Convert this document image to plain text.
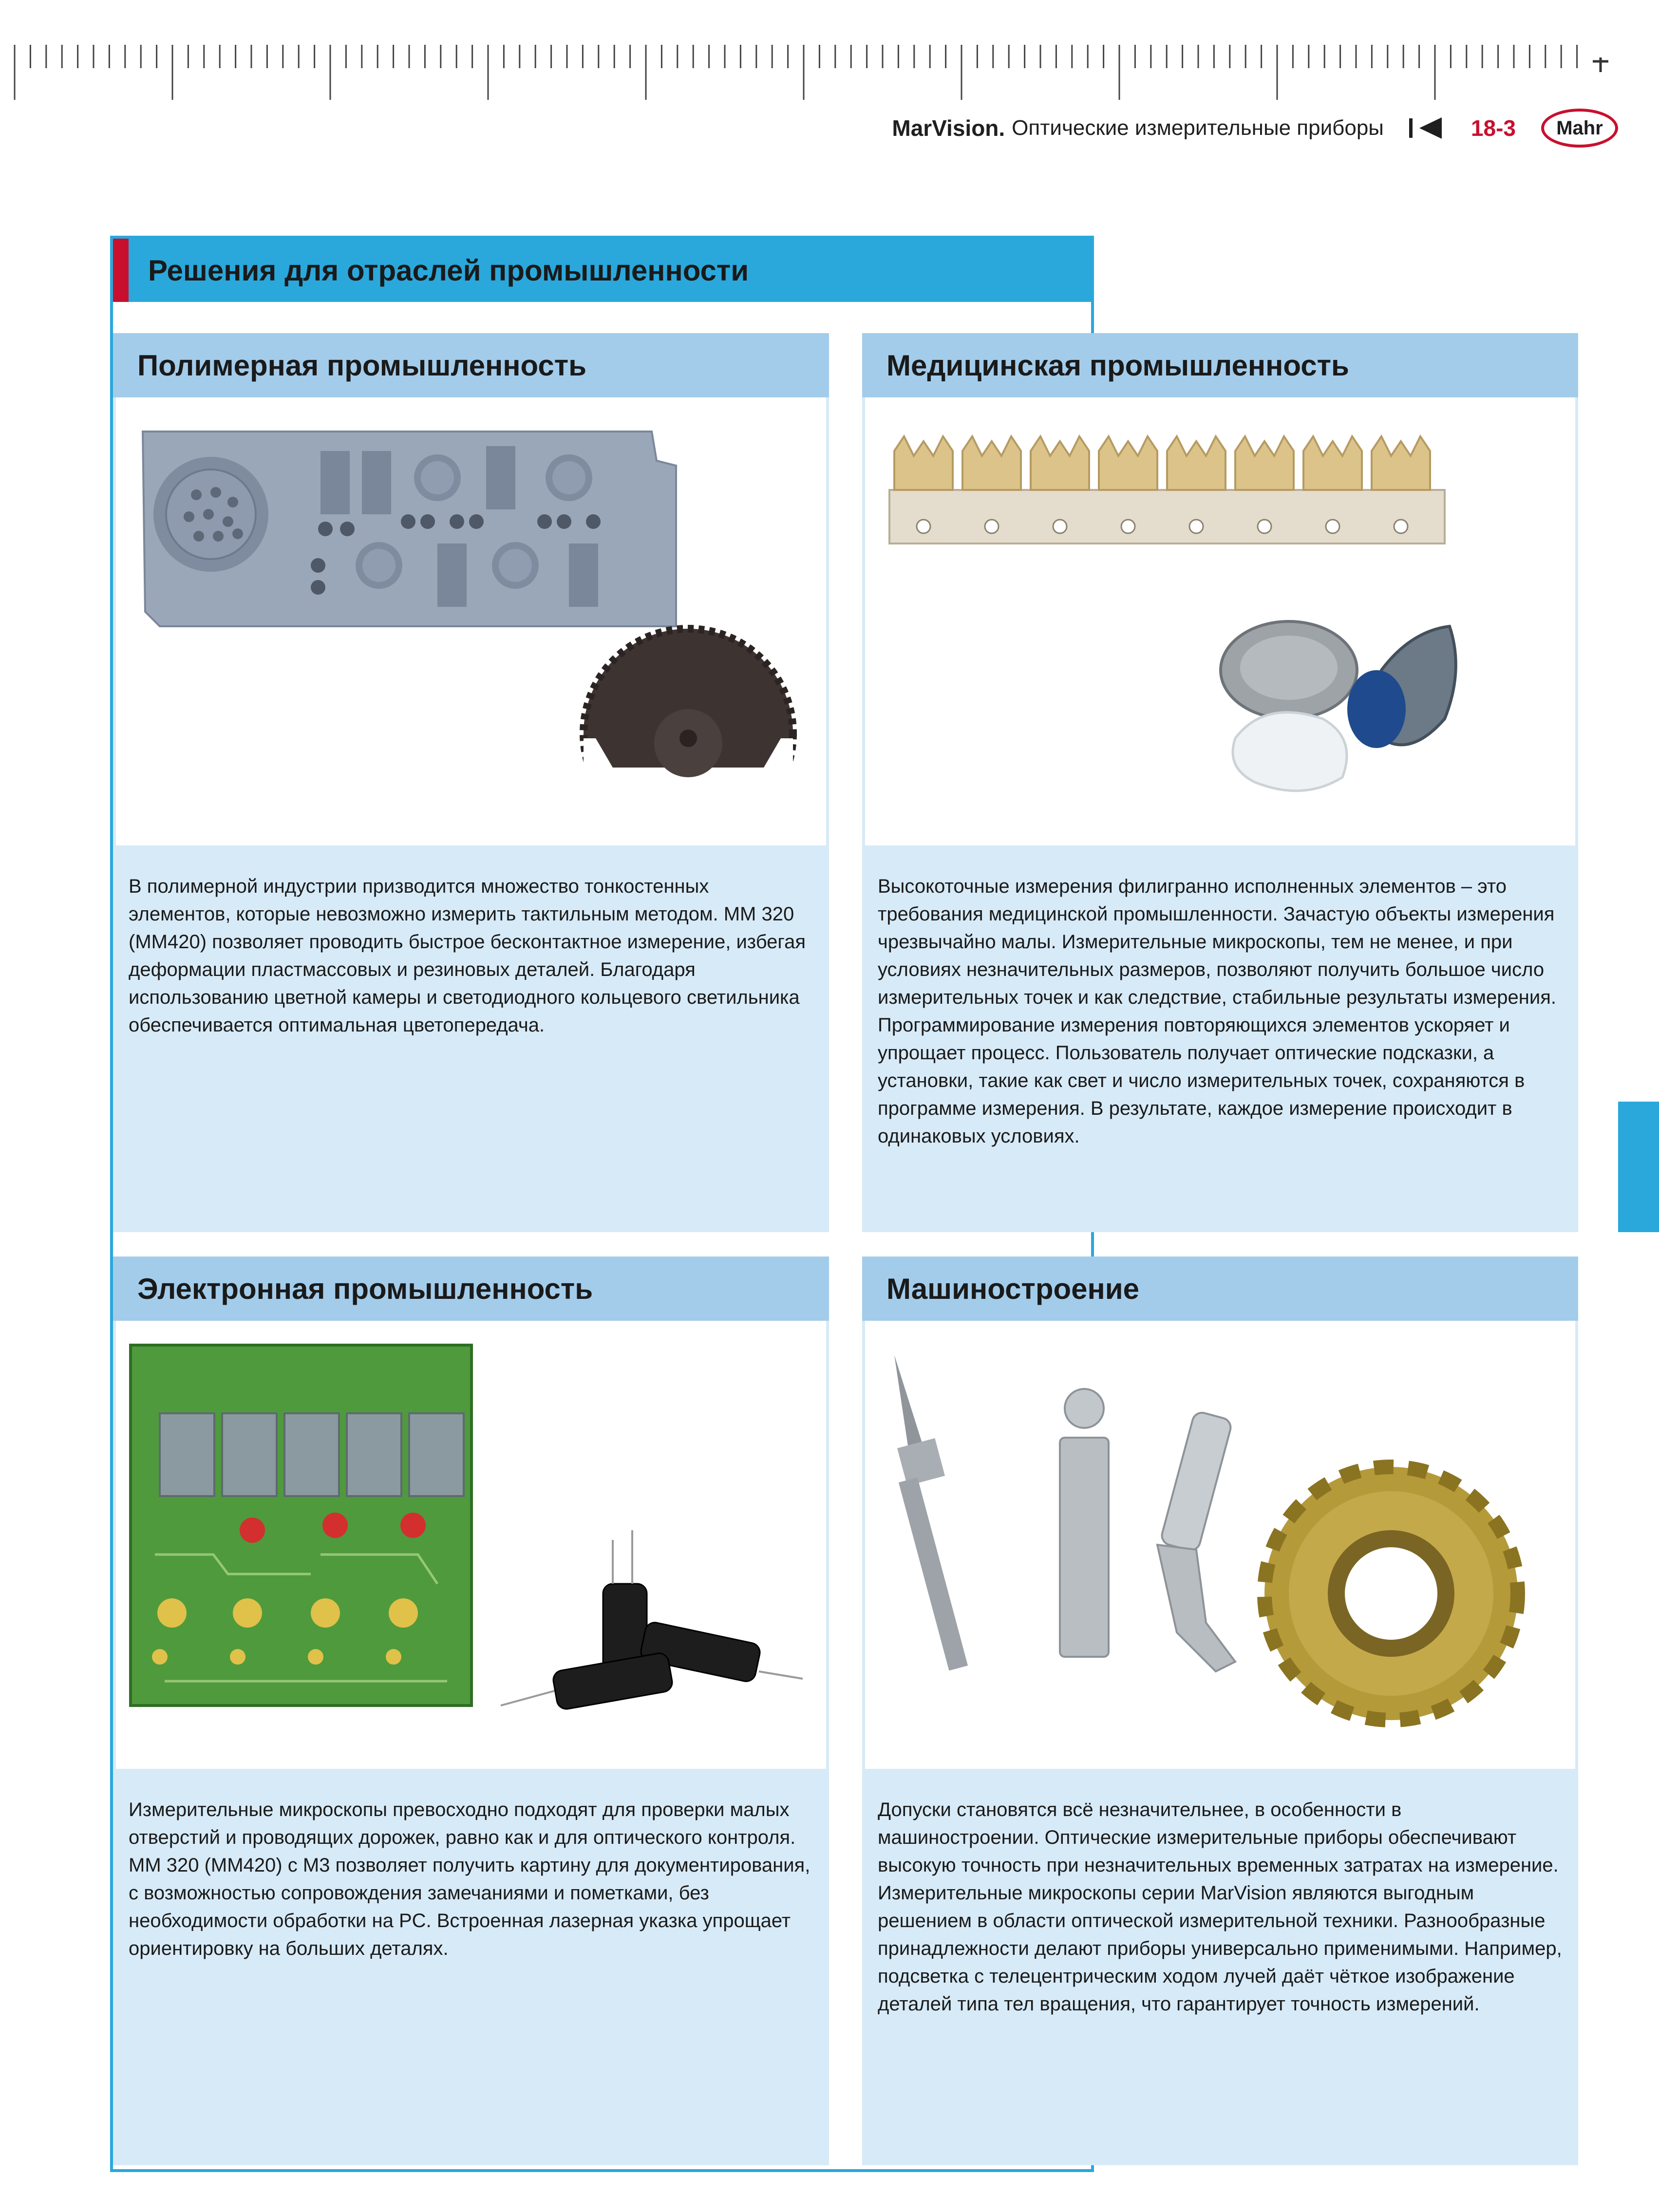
MarVision. Оптические измерительные приборы	18-3 Mahr
Решения для отраслей промышленности
Полимерная промышленность
В полимерной индустрии призводится множество тонкостенных элементов, которые невозможно измерить тактильным методом. MM 320 (MM420) позволяет проводить быстрое бесконтактное измерение, избегая деформации пластмассовых и резиновых деталей. Благодаря использованию цветной камеры и светодиодного кольцевого светильника обеспечивается оптимальная цветопередача.
Медицинская промышленность
Высокоточные измерения филигранно исполненных элементов – это требования медицинской промышленности. Зачастую объекты измерения чрезвычайно малы. Измерительные микроскопы, тем не менее, и при условиях незначительных размеров, позволяют получить большое число измерительных точек и как следствие, стабильные результаты измерения. Программирование измерения повторяющихся элементов ускоряет и упрощает процесс. Пользователь получает оптические подсказки, а установки, такие как свет и число измерительных точек, сохраняются в программе измерения. В результате, каждое измерение происходит в одинаковых условиях.
Электронная промышленность
Измерительные микроскопы превосходно подходят для проверки малых отверстий и проводящих дорожек, равно как и для оптического контроля. MM 320 (MM420) с M3 позволяет получить картину для документирования, с возможностью сопровождения замечаниями и пометками, без необходимости обработки на PC. Встроенная лазерная указка упрощает ориентировку на больших деталях.
Машиностроение
Допуски становятся всё незначительнее, в особенности в машиностроении. Оптические измерительные приборы обеспечивают высокую точность при незначительных временных затратах на измерение. Измерительные микроскопы серии MarVision являются выгодным решением в области оптической измерительной техники. Разнообразные принадлежности делают приборы универсально применимыми. Например, подсветка с телецентрическим ходом лучей даёт чёткое изображение деталей типа тел вращения, что гарантирует точность измерений.
